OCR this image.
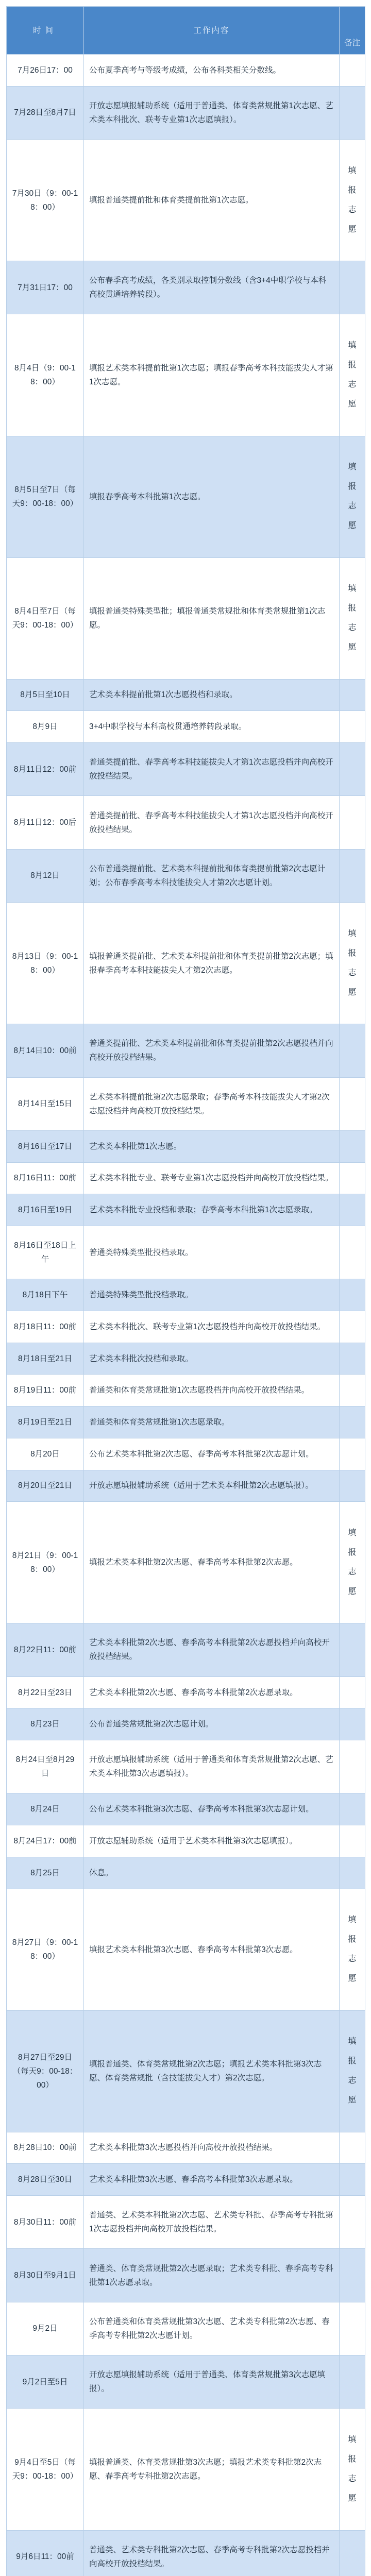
时间	工作内容	备注
7月26日17：00	公布夏季高考与等级考成绩，公布各科类相关分数线。	
7月28日至8月7日	开放志愿填报辅助系统（适用于普通类、体育类常规批第1次志愿、艺术类本科批次、联考专业第1次志愿填报）。	
7月30日（9：00-18：00）	填报普通类提前批和体育类提前批第1次志愿。	填报志愿
7月31日17：00	公布春季高考成绩，各类别录取控制分数线（含3+4中职学校与本科高校贯通培养转段）。	
8月4日（9：00-18：00）	填报艺术类本科提前批第1次志愿；填报春季高考本科技能拔尖人才第1次志愿。	填报志愿
8月5日至7日（每天9：00-18：00）	填报春季高考本科批第1次志愿。	填报志愿
8月4日至7日（每天9：00-18：00）	填报普通类特殊类型批；填报普通类常规批和体育类常规批第1次志愿。	填报志愿
8月5日至10日	艺术类本科提前批第1次志愿投档和录取。	
8月9日	3+4中职学校与本科高校贯通培养转段录取。	
8月11日12：00前	普通类提前批、春季高考本科技能拔尖人才第1次志愿投档并向高校开放投档结果。	
8月11日12：00后	普通类提前批、春季高考本科技能拔尖人才第1次志愿投档并向高校开放投档结果。	
8月12日	公布普通类提前批、艺术类本科提前批和体育类提前批第2次志愿计划；公布春季高考本科技能拔尖人才第2次志愿计划。	
8月13日（9：00-18：00）	填报普通类提前批、艺术类本科提前批和体育类提前批第2次志愿；填报春季高考本科技能拔尖人才第2次志愿。	填报志愿
8月14日10：00前	普通类提前批、艺术类本科提前批和体育类提前批第2次志愿投档并向高校开放投档结果。	
8月14日至15日	艺术类本科提前批第2次志愿录取；春季高考本科技能拔尖人才第2次志愿投档并向高校开放投档结果。	
8月16日至17日	艺术类本科批第1次志愿。	
8月16日11：00前	艺术类本科批专业、联考专业第1次志愿投档并向高校开放投档结果。	
8月16日至19日	艺术类本科批专业投档和录取；春季高考本科批第1次志愿录取。	
8月16日至18日上午	普通类特殊类型批投档录取。	
8月18日下午	普通类特殊类型批投档录取。	
8月18日11：00前	艺术类本科批次、联考专业第1次志愿投档并向高校开放投档结果。	
8月18日至21日	艺术类本科批次投档和录取。	
8月19日11：00前	普通类和体育类常规批第1次志愿投档并向高校开放投档结果。	
8月19日至21日	普通类和体育类常规批第1次志愿录取。	
8月20日	公布艺术类本科批第2次志愿、春季高考本科批第2次志愿计划。	
8月20日至21日	开放志愿填报辅助系统（适用于艺术类本科批第2次志愿填报）。	
8月21日（9：00-18：00）	填报艺术类本科批第2次志愿、春季高考本科批第2次志愿。	填报志愿
8月22日11：00前	艺术类本科批第2次志愿、春季高考本科批第2次志愿投档并向高校开放投档结果。	
8月22日至23日	艺术类本科批第2次志愿、春季高考本科批第2次志愿录取。	
8月23日	公布普通类常规批第2次志愿计划。	
8月24日至8月29日	开放志愿填报辅助系统（适用于普通类和体育类常规批第2次志愿、艺术类本科批第3次志愿填报）。	
8月24日	公布艺术类本科批第3次志愿、春季高考本科批第3次志愿计划。	
8月24日17：00前	开放志愿辅助系统（适用于艺术类本科批第3次志愿填报）。	
8月25日	休息。	
8月27日（9：00-18：00）	填报艺术类本科批第3次志愿、春季高考本科批第3次志愿。	填报志愿
8月27日至29日（每天9：00-18：00）	填报普通类、体育类常规批第2次志愿；填报艺术类本科批第3次志愿、体育类常规批（含技能拔尖人才）第2次志愿。	填报志愿
8月28日10：00前	艺术类本科批第3次志愿投档并向高校开放投档结果。	
8月28日至30日	艺术类本科批第3次志愿、春季高考本科批第3次志愿录取。	
8月30日11：00前	普通类、艺术类本科批第2次志愿、艺术类专科批、春季高考专科批第1次志愿投档并向高校开放投档结果。	
8月30日至9月1日	普通类、体育类常规批第2次志愿录取；艺术类专科批、春季高考专科批第1次志愿录取。	
9月2日	公布普通类和体育类常规批第3次志愿、艺术类专科批第2次志愿、春季高考专科批第2次志愿计划。	
9月2日至5日	开放志愿填报辅助系统（适用于普通类、体育类常规批第3次志愿填报）。	
9月4日至5日（每天9：00-18：00）	填报普通类、体育类常规批第3次志愿；填报艺术类专科批第2次志愿、春季高考专科批第2次志愿。	填报志愿
9月6日11：00前	普通类、艺术类专科批第2次志愿、春季高考专科批第2次志愿投档并向高校开放投档结果。	
